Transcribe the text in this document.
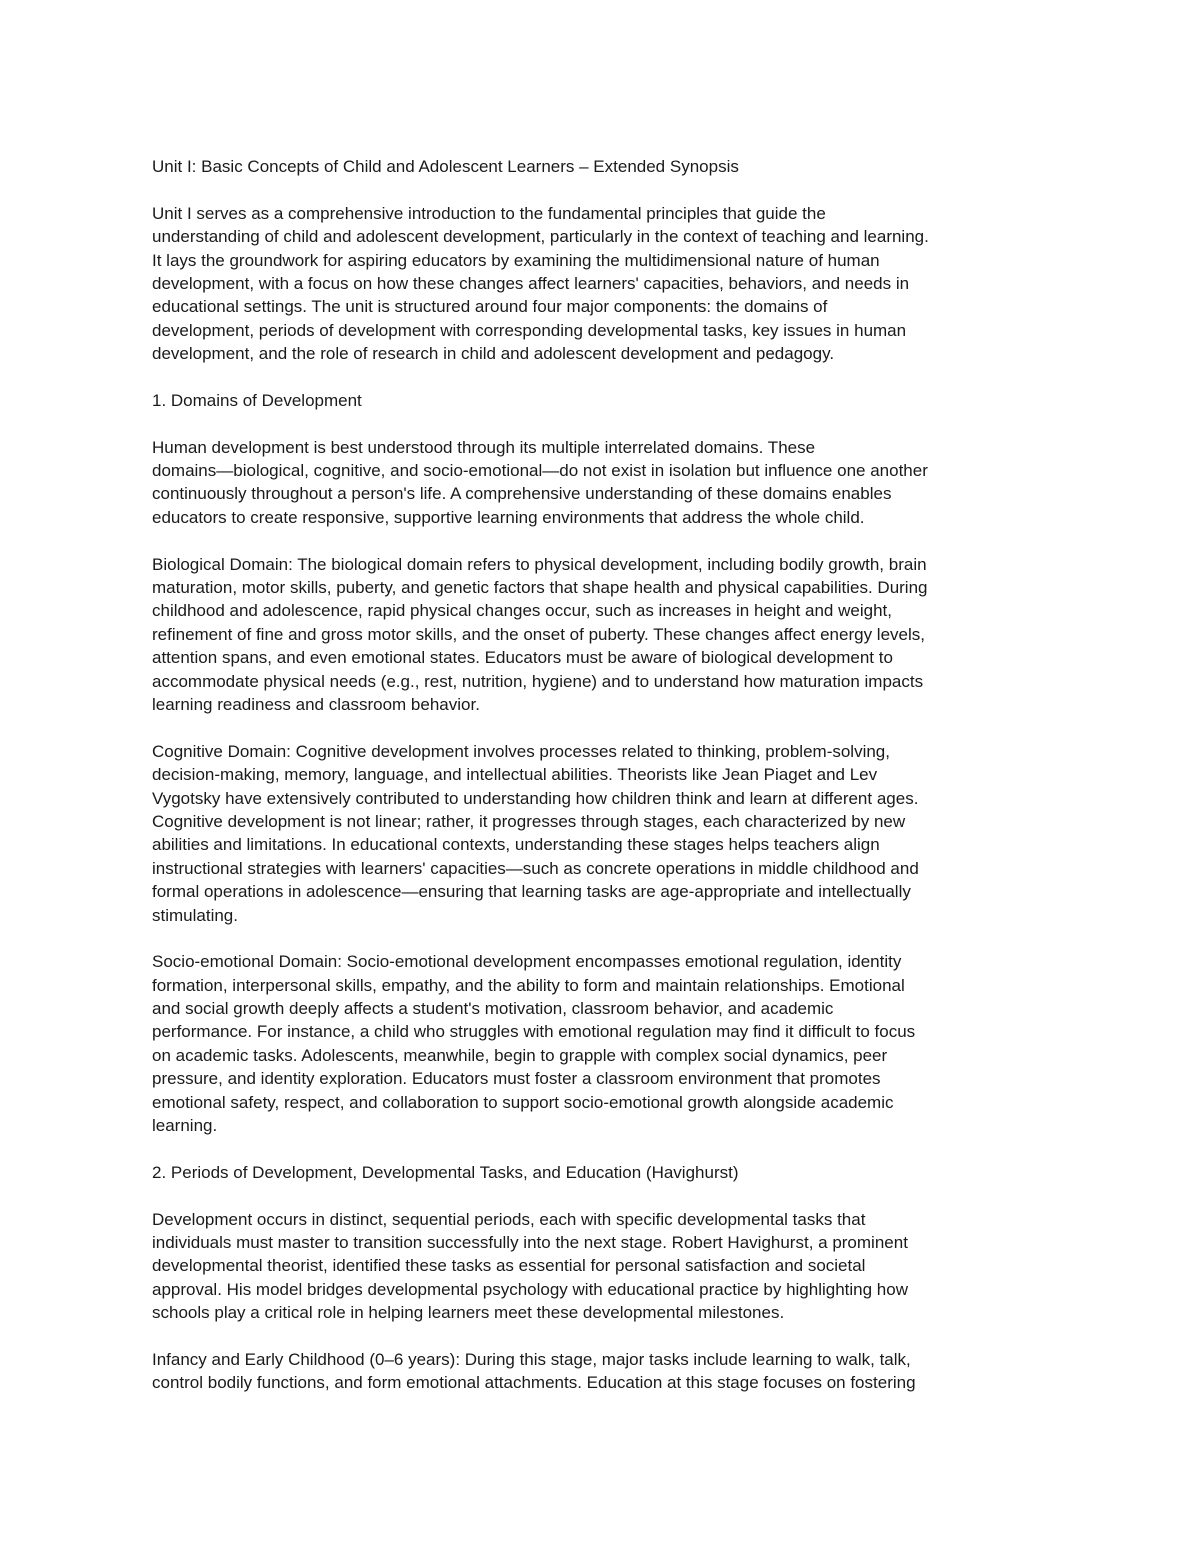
Unit I: Basic Concepts of Child and Adolescent Learners – Extended Synopsis
Unit I serves as a comprehensive introduction to the fundamental principles that guide the
understanding of child and adolescent development, particularly in the context of teaching and learning.
It lays the groundwork for aspiring educators by examining the multidimensional nature of human
development, with a focus on how these changes affect learners' capacities, behaviors, and needs in
educational settings. The unit is structured around four major components: the domains of
development, periods of development with corresponding developmental tasks, key issues in human
development, and the role of research in child and adolescent development and pedagogy.
1. Domains of Development
Human development is best understood through its multiple interrelated domains. These
domains—biological, cognitive, and socio-emotional—do not exist in isolation but influence one another
continuously throughout a person's life. A comprehensive understanding of these domains enables
educators to create responsive, supportive learning environments that address the whole child.
Biological Domain: The biological domain refers to physical development, including bodily growth, brain
maturation, motor skills, puberty, and genetic factors that shape health and physical capabilities. During
childhood and adolescence, rapid physical changes occur, such as increases in height and weight,
refinement of fine and gross motor skills, and the onset of puberty. These changes affect energy levels,
attention spans, and even emotional states. Educators must be aware of biological development to
accommodate physical needs (e.g., rest, nutrition, hygiene) and to understand how maturation impacts
learning readiness and classroom behavior.
Cognitive Domain: Cognitive development involves processes related to thinking, problem-solving,
decision-making, memory, language, and intellectual abilities. Theorists like Jean Piaget and Lev
Vygotsky have extensively contributed to understanding how children think and learn at different ages.
Cognitive development is not linear; rather, it progresses through stages, each characterized by new
abilities and limitations. In educational contexts, understanding these stages helps teachers align
instructional strategies with learners' capacities—such as concrete operations in middle childhood and
formal operations in adolescence—ensuring that learning tasks are age-appropriate and intellectually
stimulating.
Socio-emotional Domain: Socio-emotional development encompasses emotional regulation, identity
formation, interpersonal skills, empathy, and the ability to form and maintain relationships. Emotional
and social growth deeply affects a student's motivation, classroom behavior, and academic
performance. For instance, a child who struggles with emotional regulation may find it difficult to focus
on academic tasks. Adolescents, meanwhile, begin to grapple with complex social dynamics, peer
pressure, and identity exploration. Educators must foster a classroom environment that promotes
emotional safety, respect, and collaboration to support socio-emotional growth alongside academic
learning.
2. Periods of Development, Developmental Tasks, and Education (Havighurst)
Development occurs in distinct, sequential periods, each with specific developmental tasks that
individuals must master to transition successfully into the next stage. Robert Havighurst, a prominent
developmental theorist, identified these tasks as essential for personal satisfaction and societal
approval. His model bridges developmental psychology with educational practice by highlighting how
schools play a critical role in helping learners meet these developmental milestones.
Infancy and Early Childhood (0–6 years): During this stage, major tasks include learning to walk, talk,
control bodily functions, and form emotional attachments. Education at this stage focuses on fostering
